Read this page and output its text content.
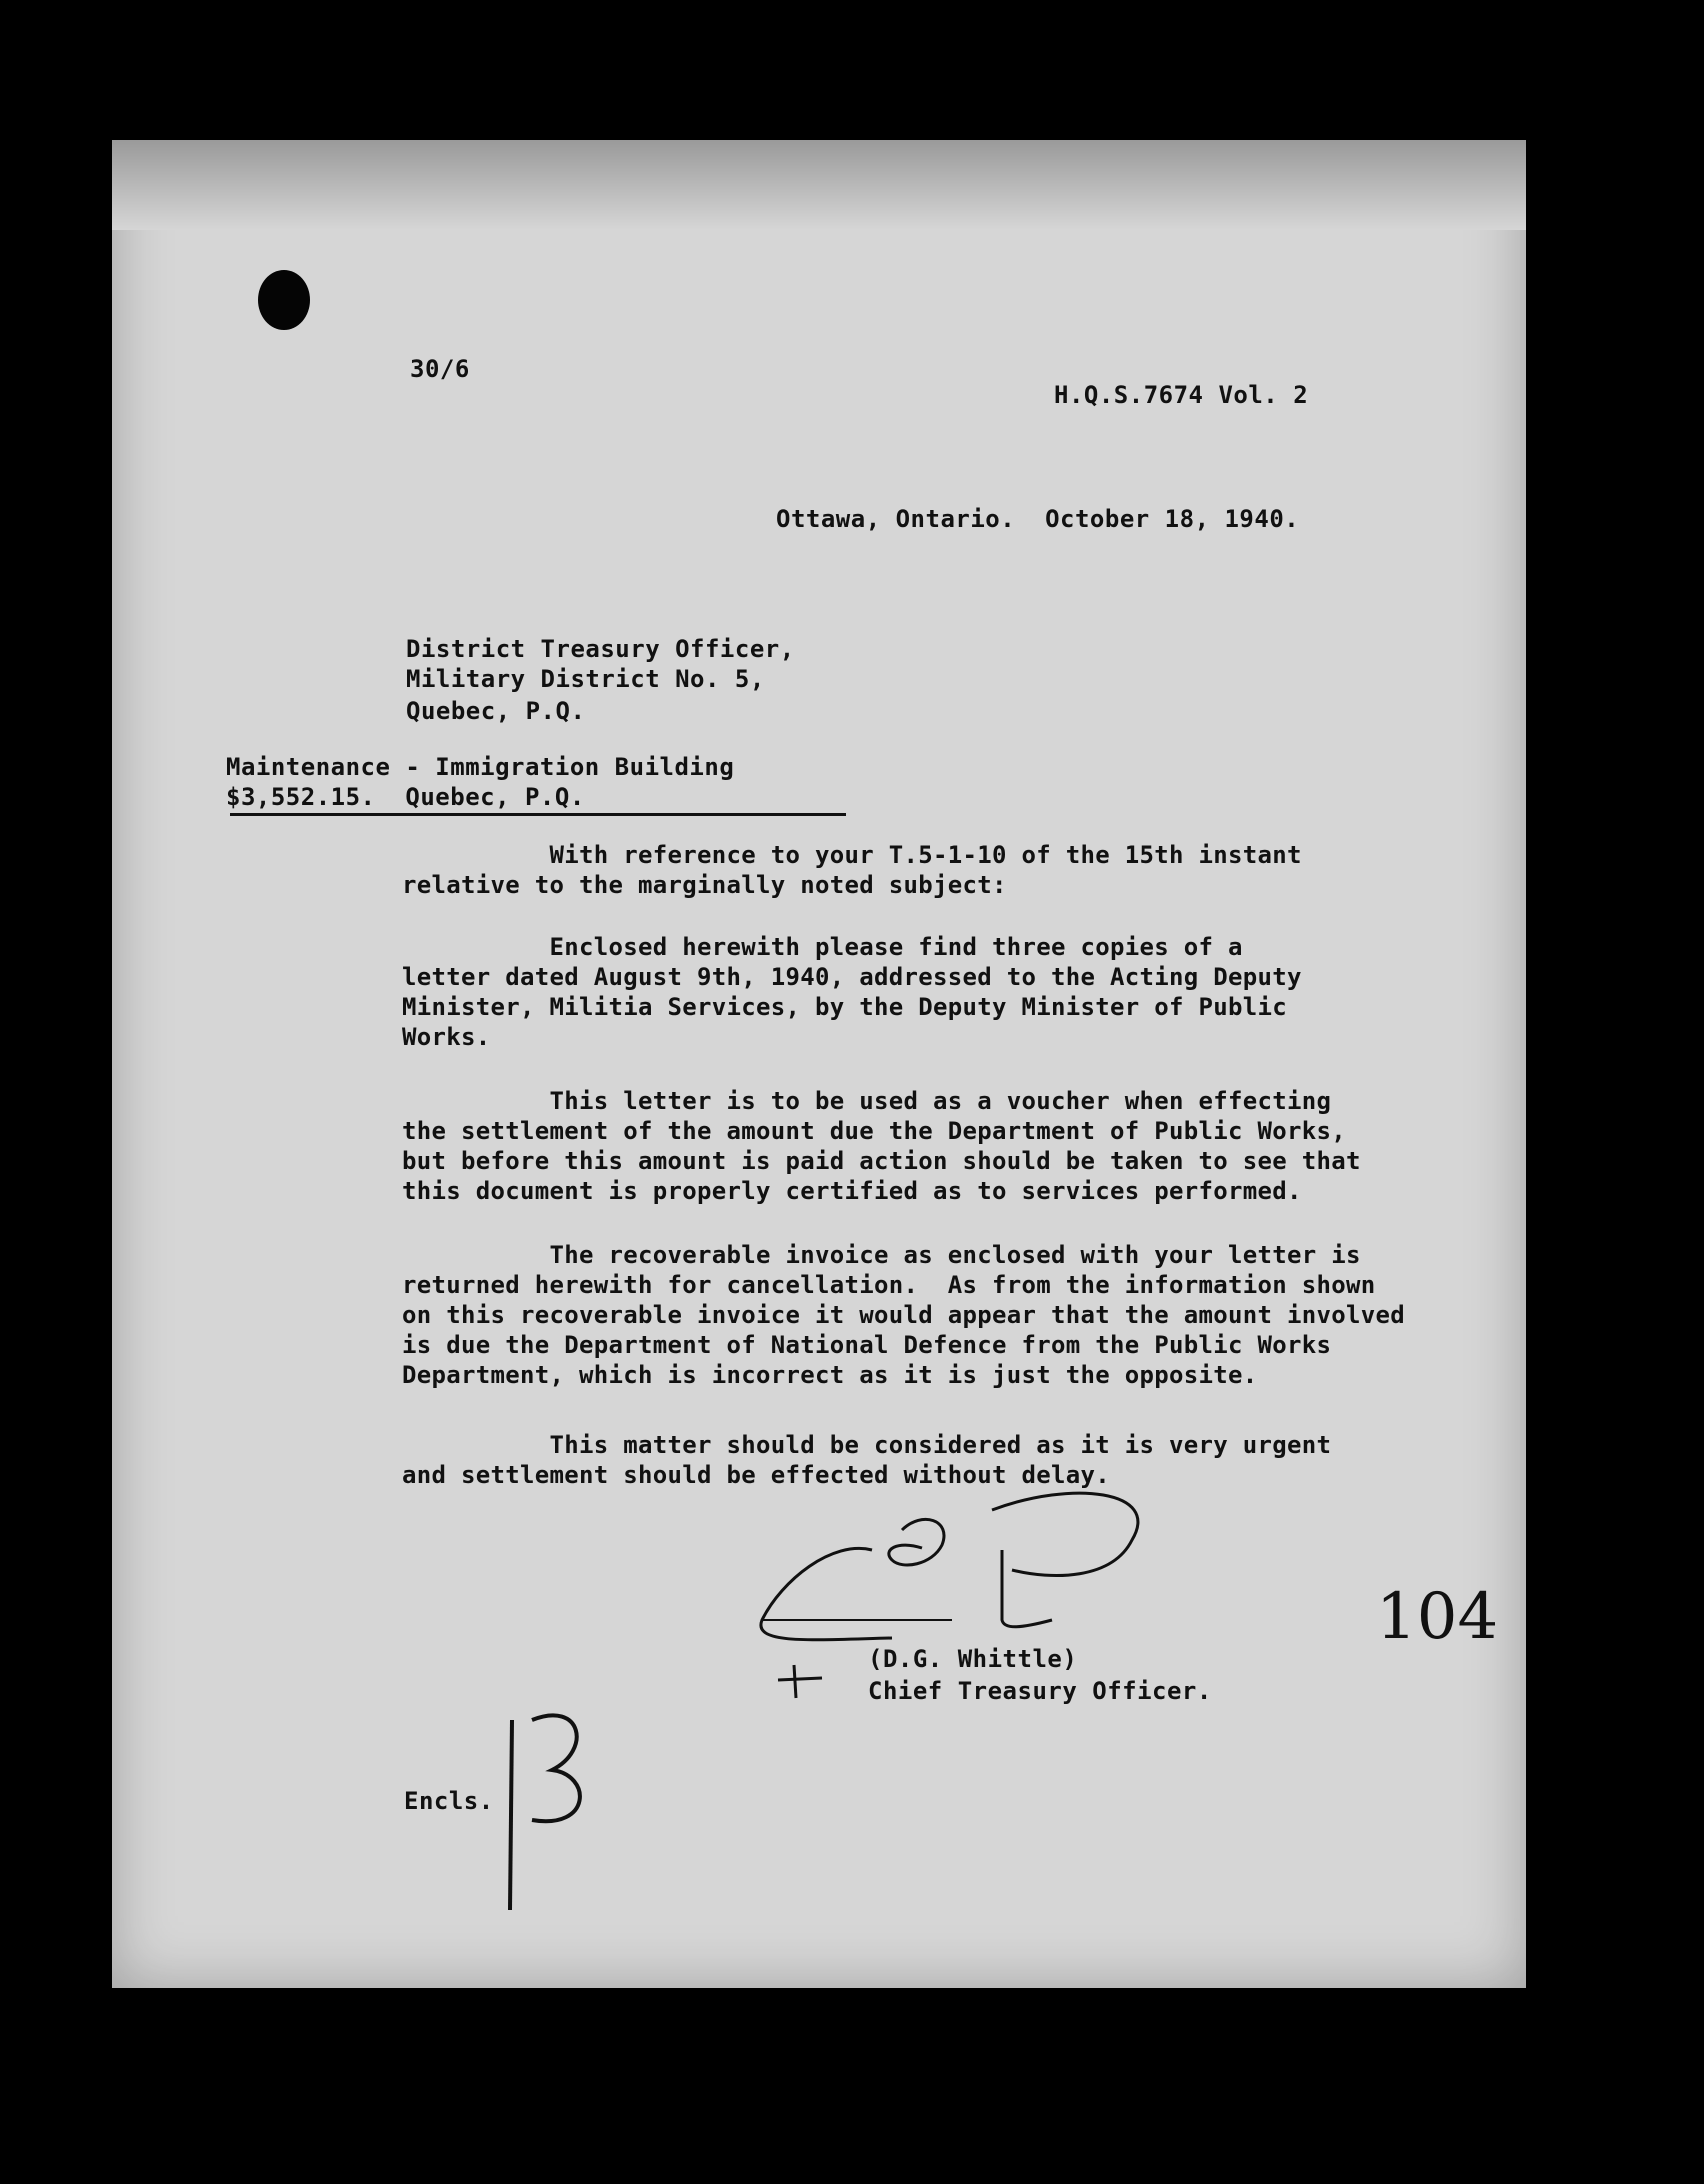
30/6
H.Q.S.7674 Vol. 2
Ottawa, Ontario.  October 18, 1940.
District Treasury Officer,
Military District No. 5,
Quebec, P.Q.
Maintenance - Immigration Building
$3,552.15.  Quebec, P.Q.
With reference to your T.5-1-10 of the 15th instant
relative to the marginally noted subject:
Enclosed herewith please find three copies of a
letter dated August 9th, 1940, addressed to the Acting Deputy
Minister, Militia Services, by the Deputy Minister of Public
Works.
This letter is to be used as a voucher when effecting
the settlement of the amount due the Department of Public Works,
but before this amount is paid action should be taken to see that
this document is properly certified as to services performed.
The recoverable invoice as enclosed with your letter is
returned herewith for cancellation.  As from the information shown
on this recoverable invoice it would appear that the amount involved
is due the Department of National Defence from the Public Works
Department, which is incorrect as it is just the opposite.
This matter should be considered as it is very urgent
and settlement should be effected without delay.
(D.G. Whittle)
Chief Treasury Officer.
104
Encls.
